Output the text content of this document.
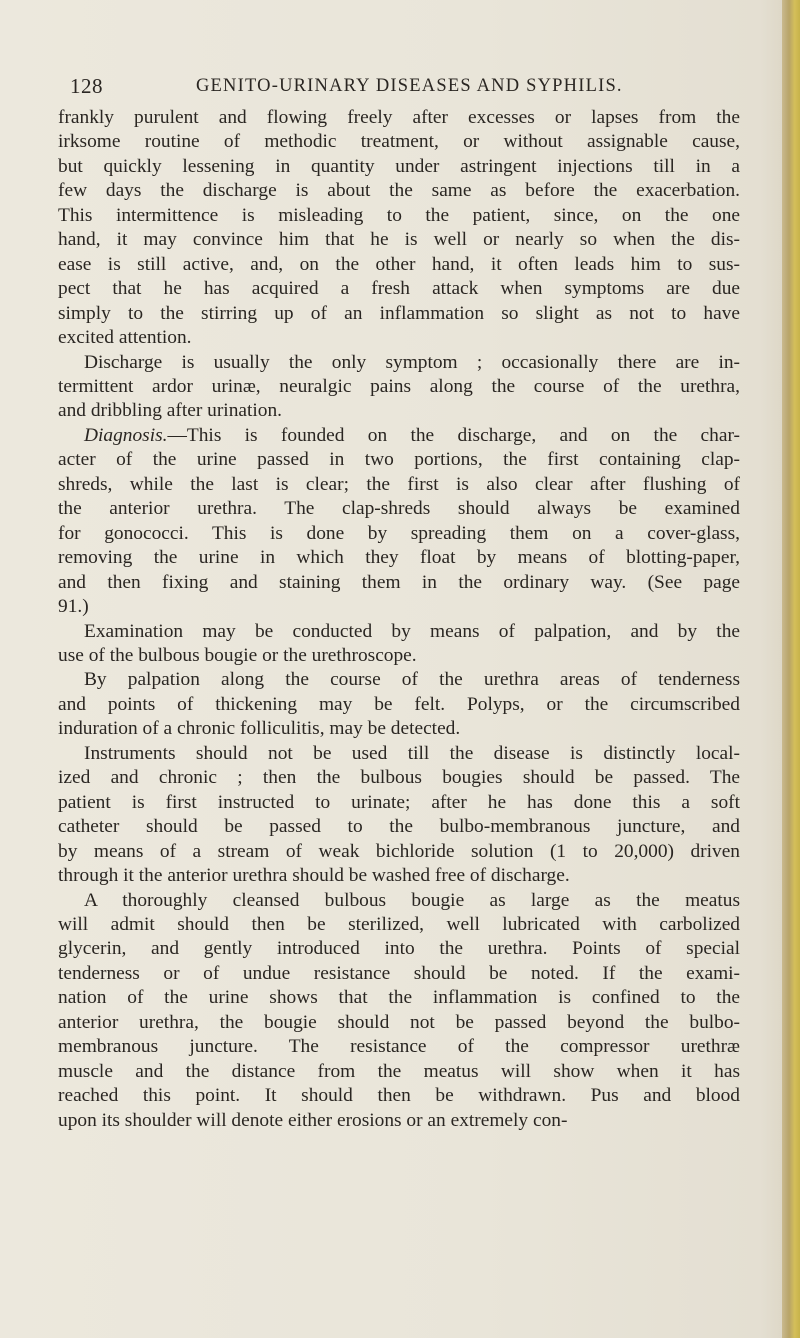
128	GENITO-URINARY DISEASES AND SYPHILIS.
frankly purulent and flowing freely after excesses or lapses from the
irksome routine of methodic treatment, or without assignable cause,
but quickly lessening in quantity under astringent injections till in a
few days the discharge is about the same as before the exacerbation.
This intermittence is misleading to the patient, since, on the one
hand, it may convince him that he is well or nearly so when the dis-
ease is still active, and, on the other hand, it often leads him to sus-
pect that he has acquired a fresh attack when symptoms are due
simply to the stirring up of an inflammation so slight as not to have
excited attention.
Discharge is usually the only symptom ; occasionally there are in-
termittent ardor urinæ, neuralgic pains along the course of the urethra,
and dribbling after urination.
Diagnosis.—This is founded on the discharge, and on the char-
acter of the urine passed in two portions, the first containing clap-
shreds, while the last is clear; the first is also clear after flushing of
the anterior urethra. The clap-shreds should always be examined
for gonococci. This is done by spreading them on a cover-glass,
removing the urine in which they float by means of blotting-paper,
and then fixing and staining them in the ordinary way. (See page
91.)
Examination may be conducted by means of palpation, and by the
use of the bulbous bougie or the urethroscope.
By palpation along the course of the urethra areas of tenderness
and points of thickening may be felt. Polyps, or the circumscribed
induration of a chronic folliculitis, may be detected.
Instruments should not be used till the disease is distinctly local-
ized and chronic ; then the bulbous bougies should be passed. The
patient is first instructed to urinate; after he has done this a soft
catheter should be passed to the bulbo-membranous juncture, and
by means of a stream of weak bichloride solution (1 to 20,000) driven
through it the anterior urethra should be washed free of discharge.
A thoroughly cleansed bulbous bougie as large as the meatus
will admit should then be sterilized, well lubricated with carbolized
glycerin, and gently introduced into the urethra. Points of special
tenderness or of undue resistance should be noted. If the exami-
nation of the urine shows that the inflammation is confined to the
anterior urethra, the bougie should not be passed beyond the bulbo-
membranous juncture. The resistance of the compressor urethræ
muscle and the distance from the meatus will show when it has
reached this point. It should then be withdrawn. Pus and blood
upon its shoulder will denote either erosions or an extremely con-
